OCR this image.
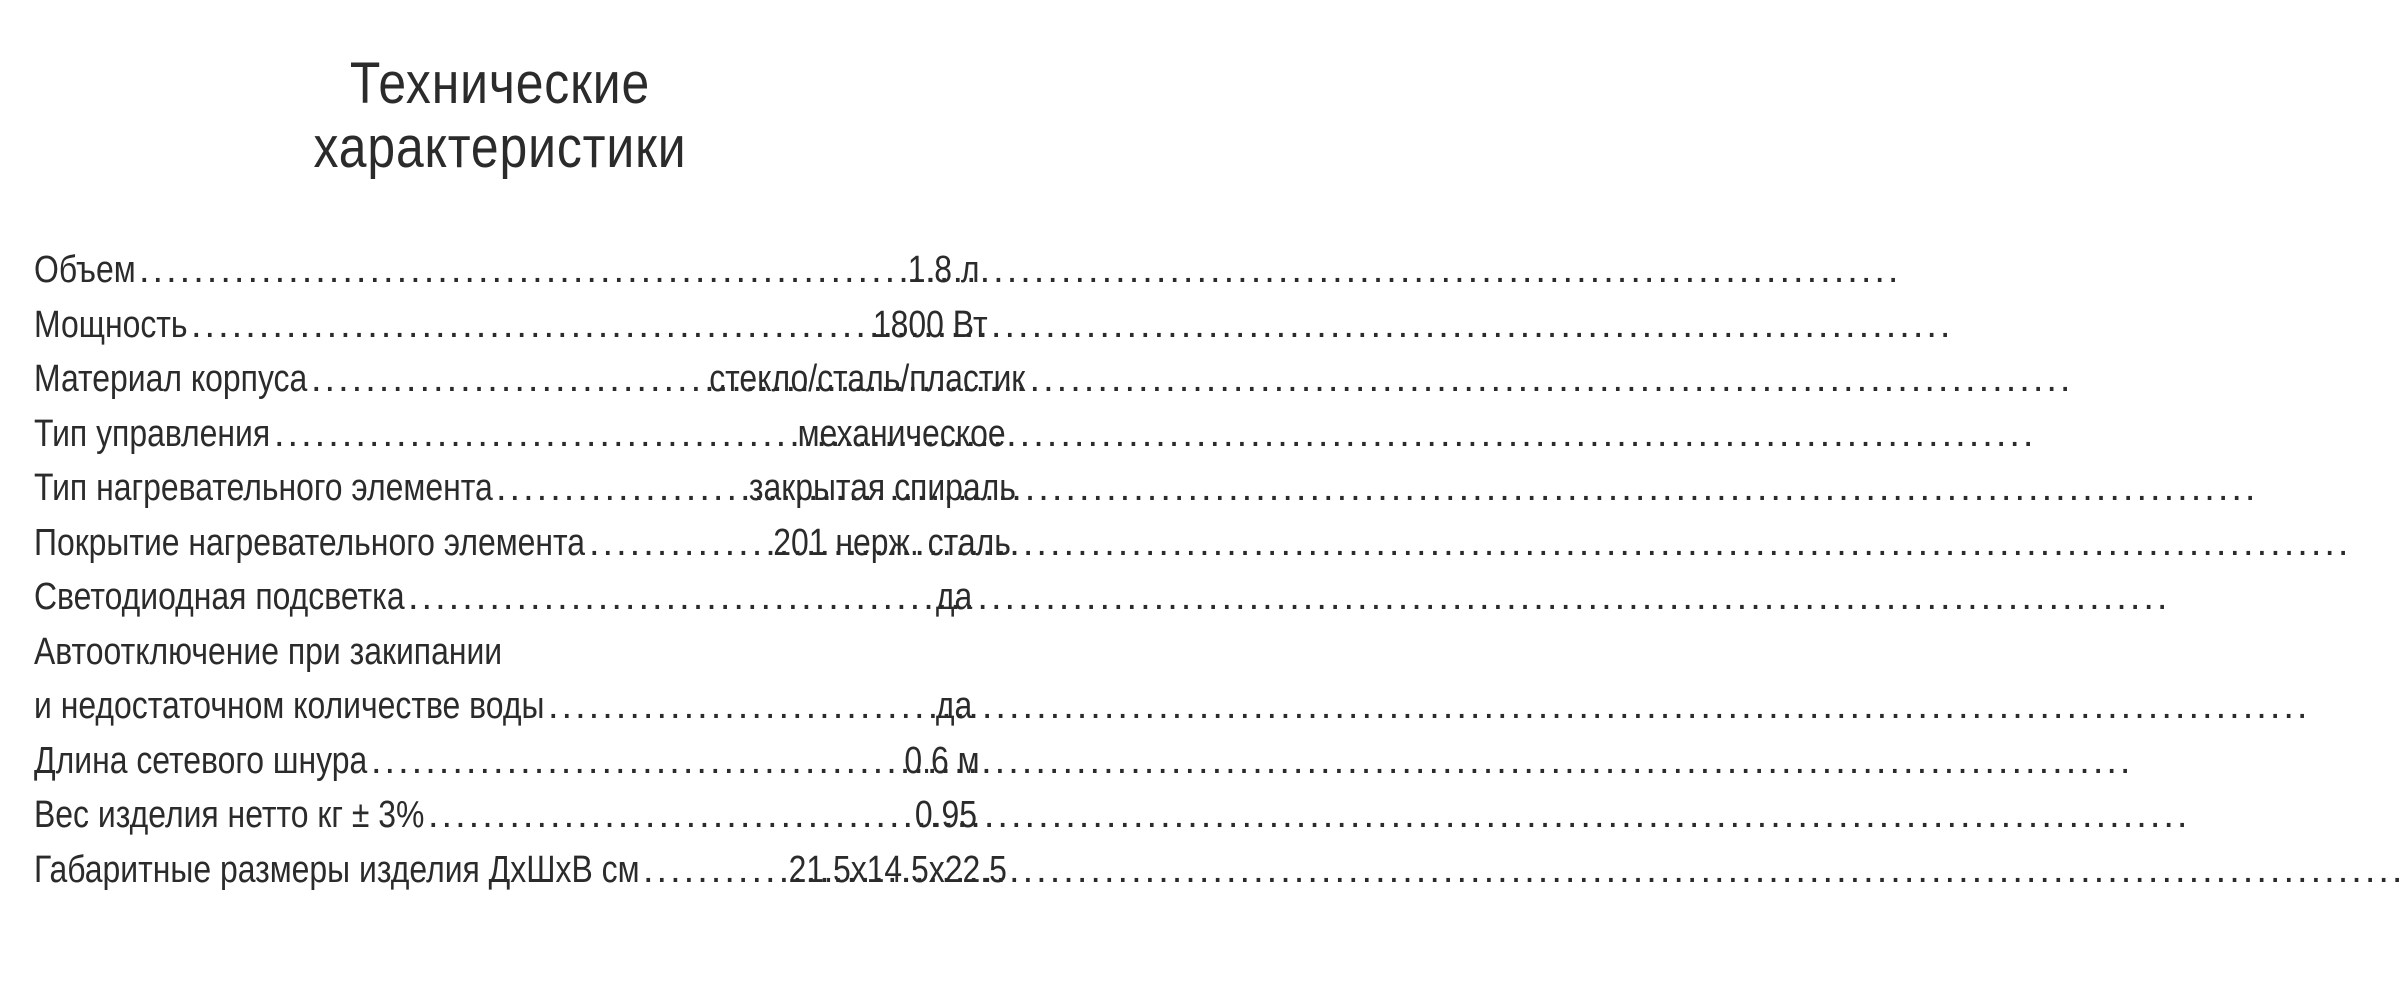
Технические
характеристики
Объем .....	1.8 л
Мощность .....	1800 Вт
Материал корпуса .....	стекло/сталь/пластик
Тип управления .....	механическое
Тип нагревательного элемента .....	закрытая спираль
Покрытие нагревательного элемента .....	201 нерж. сталь
Светодиодная подсветка .....	да
Автоотключение при закипании
и недостаточном количестве воды .....	да
Длина сетевого шнура .....	0.6 м
Вес изделия нетто кг ± 3% .....	0.95
Габаритные размеры изделия ДхШхВ см .....	21.5x14.5x22.5
